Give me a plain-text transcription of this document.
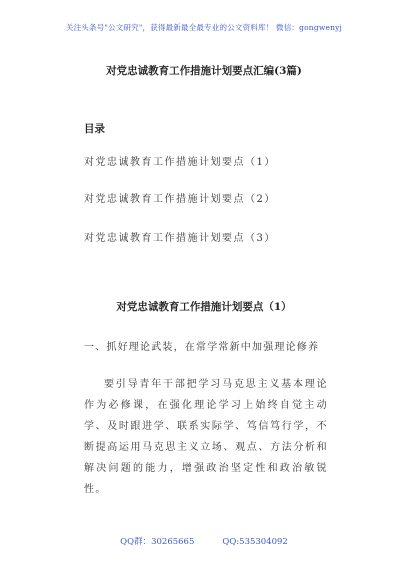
关注头条号"公文研究"，获得最新最全最专业的公文资料库！ 微信：gongwenyj
对党忠诚教育工作措施计划要点汇编(3篇)
目录
对党忠诚教育工作措施计划要点（1）
对党忠诚教育工作措施计划要点（2）
对党忠诚教育工作措施计划要点（3）
对党忠诚教育工作措施计划要点（1）
一、抓好理论武装，在常学常新中加强理论修养
要引导青年干部把学习马克思主义基本理论作为必修课，在强化理论学习上始终自觉主动学、及时跟进学、联系实际学、笃信笃行学，不断提高运用马克思主义立场、观点、方法分析和解决问题的能力，增强政治坚定性和政治敏锐性。
QQ群：30265665	QQ:535304092
